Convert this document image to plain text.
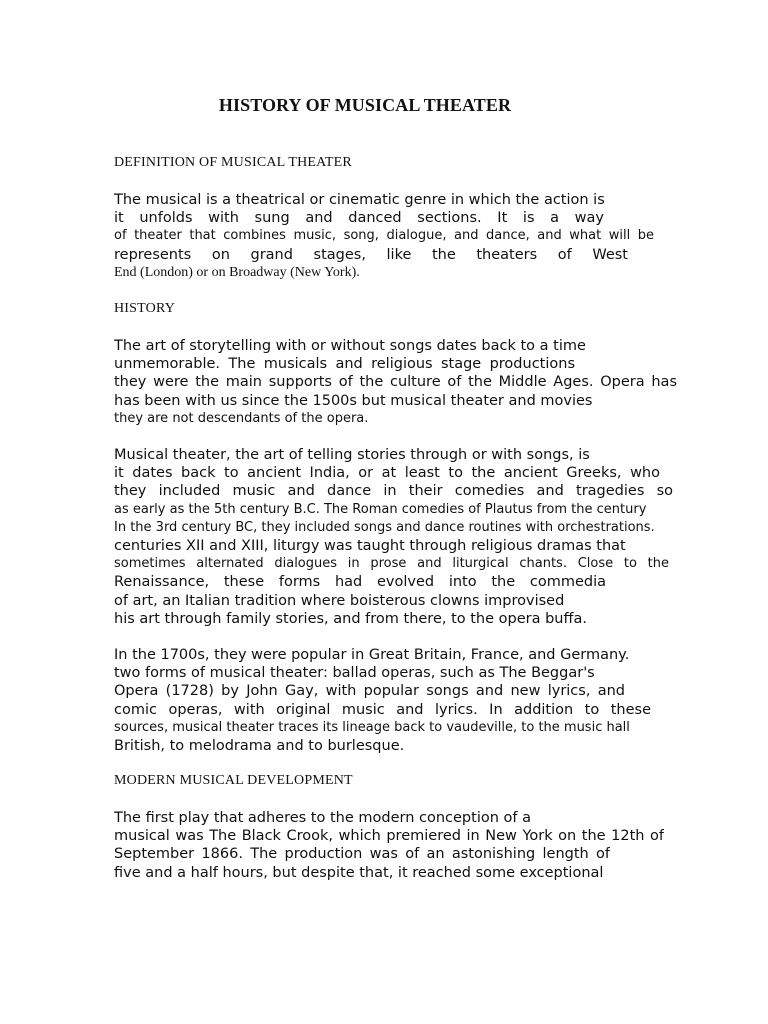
HISTORY OF MUSICAL THEATER
DEFINITION OF MUSICAL THEATER
The musical is a theatrical or cinematic genre in which the action is
it unfolds with sung and danced sections. It is a way
of theater that combines music, song, dialogue, and dance, and what will be
represents on grand stages, like the theaters of West
End (London) or on Broadway (New York).
HISTORY
The art of storytelling with or without songs dates back to a time
unmemorable. The musicals and religious stage productions
they were the main supports of the culture of the Middle Ages. Opera has
has been with us since the 1500s but musical theater and movies
they are not descendants of the opera.
Musical theater, the art of telling stories through or with songs, is
it dates back to ancient India, or at least to the ancient Greeks, who
they included music and dance in their comedies and tragedies so
as early as the 5th century B.C. The Roman comedies of Plautus from the century
In the 3rd century BC, they included songs and dance routines with orchestrations.
centuries XII and XIII, liturgy was taught through religious dramas that
sometimes alternated dialogues in prose and liturgical chants. Close to the
Renaissance, these forms had evolved into the commedia
of art, an Italian tradition where boisterous clowns improvised
his art through family stories, and from there, to the opera buffa.
In the 1700s, they were popular in Great Britain, France, and Germany.
two forms of musical theater: ballad operas, such as The Beggar's
Opera (1728) by John Gay, with popular songs and new lyrics, and
comic operas, with original music and lyrics. In addition to these
sources, musical theater traces its lineage back to vaudeville, to the music hall
British, to melodrama and to burlesque.
MODERN MUSICAL DEVELOPMENT
The first play that adheres to the modern conception of a
musical was The Black Crook, which premiered in New York on the 12th of
September 1866. The production was of an astonishing length of
five and a half hours, but despite that, it reached some exceptional
